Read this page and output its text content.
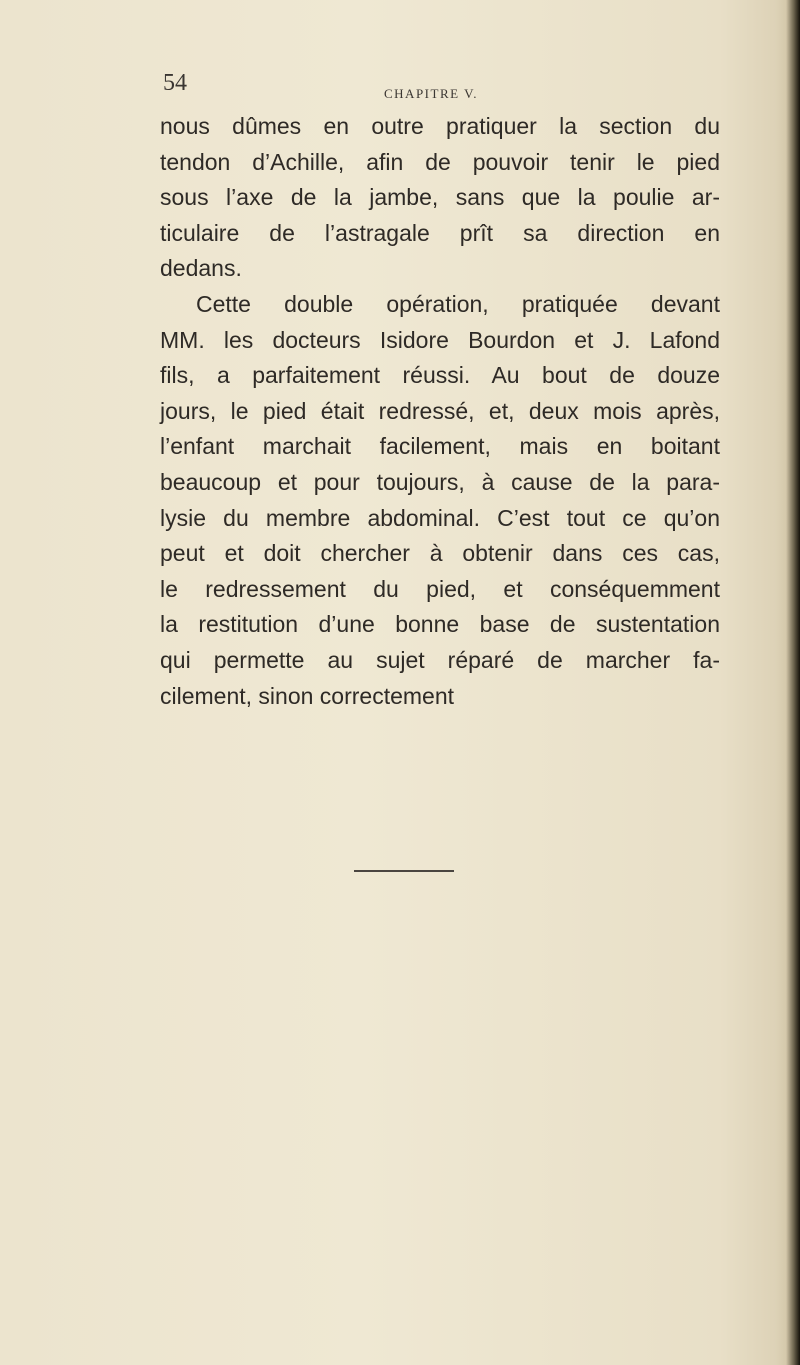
54	CHAPITRE V.
nous dûmes en outre pratiquer la section du
tendon d’Achille, afin de pouvoir tenir le pied
sous l’axe de la jambe, sans que la poulie ar-
ticulaire de l’astragale prît sa direction en
dedans.
Cette double opération, pratiquée devant
MM. les docteurs Isidore Bourdon et J. Lafond
fils, a parfaitement réussi. Au bout de douze
jours, le pied était redressé, et, deux mois après,
l’enfant marchait facilement, mais en boitant
beaucoup et pour toujours, à cause de la para-
lysie du membre abdominal. C’est tout ce qu’on
peut et doit chercher à obtenir dans ces cas,
le redressement du pied, et conséquemment
la restitution d’une bonne base de sustentation
qui permette au sujet réparé de marcher fa-
cilement, sinon correctement
